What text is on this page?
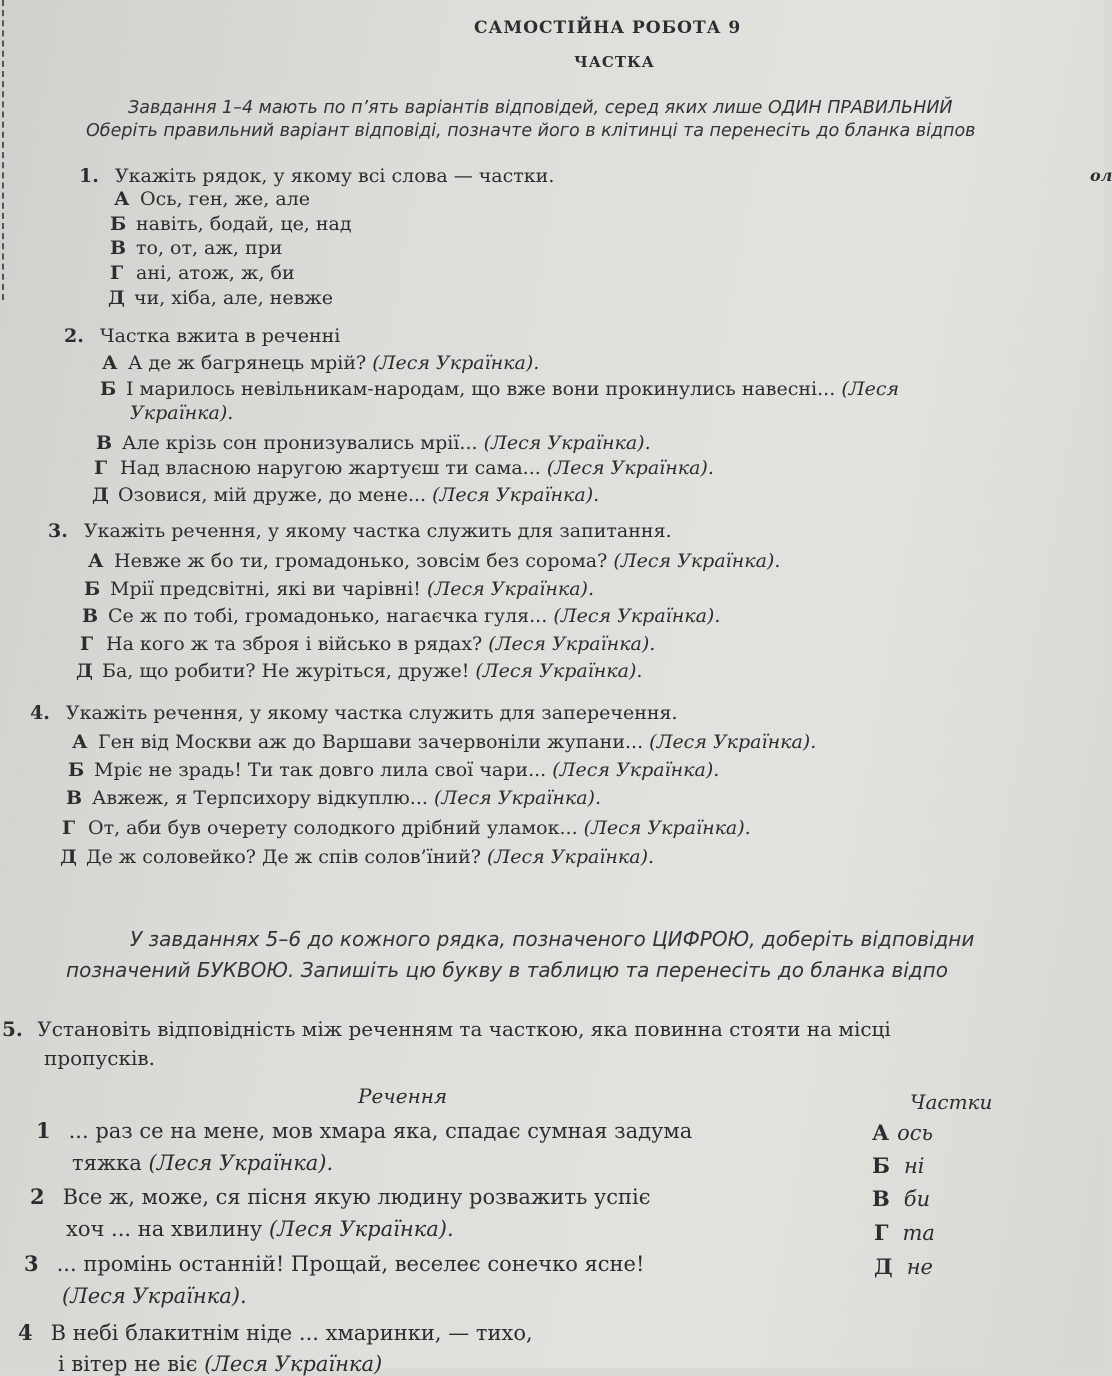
САМОСТІЙНА РОБОТА 9
ЧАСТКА
Завдання 1–4 мають по п’ять варіантів відповідей, серед яких лише ОДИН ПРАВИЛЬНИЙ
Оберіть правильний варіант відповіді, позначте його в клітинці та перенесіть до бланка відпов
ол
1. Укажіть рядок, у якому всі слова — частки.
А Ось, ген, же, але
Б навіть, бодай, це, над
В то, от, аж, при
Г ані, атож, ж, би
Д чи, хіба, але, невже
2. Частка вжита в реченні
А А де ж багрянець мрій? (Леся Українка).
Б І марилось невільникам-народам, що вже вони прокинулись навесні... (Леся
Українка).
В Але крізь сон пронизувались мрії... (Леся Українка).
Г Над власною наругою жартуєш ти сама... (Леся Українка).
Д Озовися, мій друже, до мене... (Леся Українка).
3. Укажіть речення, у якому частка служить для запитання.
А Невже ж бо ти, громадонько, зовсім без сорома? (Леся Українка).
Б Мрії предсвітні, які ви чарівні! (Леся Українка).
В Се ж по тобі, громадонько, нагаєчка гуля... (Леся Українка).
Г На кого ж та зброя і військо в рядах? (Леся Українка).
Д Ба, що робити? Не журіться, друже! (Леся Українка).
4. Укажіть речення, у якому частка служить для заперечення.
А Ген від Москви аж до Варшави зачервоніли жупани... (Леся Українка).
Б Мріє не зрадь! Ти так довго лила свої чари... (Леся Українка).
В Авжеж, я Терпсихору відкуплю... (Леся Українка).
Г От, аби був очерету солодкого дрібний уламок... (Леся Українка).
Д Де ж соловейко? Де ж спів солов’їний? (Леся Українка).
У завданнях 5–6 до кожного рядка, позначеного ЦИФРОЮ, доберіть відповідни
позначений БУКВОЮ. Запишіть цю букву в таблицю та перенесіть до бланка відпо
5. Установіть відповідність між реченням та часткою, яка повинна стояти на місці
пропусків.
Речення	Частки
1 ... раз се на мене, мов хмара яка, спадає сумная задума
тяжка (Леся Українка).
2 Все ж, може, ся пісня якую людину розважить успіє
хоч ... на хвилину (Леся Українка).
3 ... промінь останній! Прощай, веселеє сонечко ясне!
(Леся Українка).
4 В небі блакитнім ніде ... хмаринки, — тихо,
і вітер не віє (Леся Українка)
А ось
Б ні
В би
Г та
Д не
